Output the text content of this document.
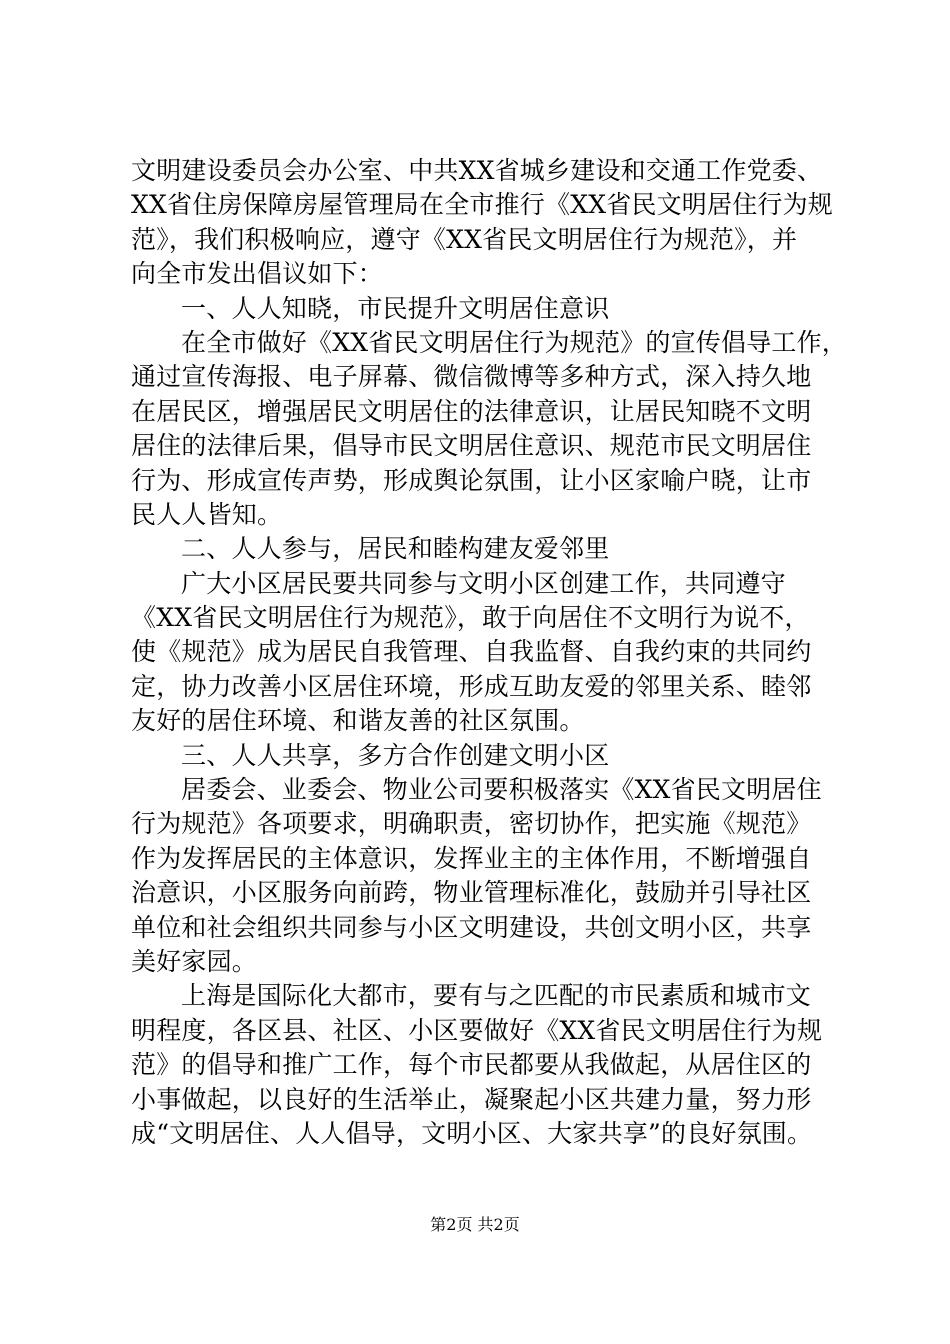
文明建设委员会办公室、中共XX省城乡建设和交通工作党委、
XX省住房保障房屋管理局在全市推行《XX省民文明居住行为规
范》，我们积极响应，遵守《XX省民文明居住行为规范》，并
向全市发出倡议如下：
一、人人知晓，市民提升文明居住意识
在全市做好《XX省民文明居住行为规范》的宣传倡导工作，
通过宣传海报、电子屏幕、微信微博等多种方式，深入持久地
在居民区，增强居民文明居住的法律意识，让居民知晓不文明
居住的法律后果，倡导市民文明居住意识、规范市民文明居住
行为、形成宣传声势，形成舆论氛围，让小区家喻户晓，让市
民人人皆知。
二、人人参与，居民和睦构建友爱邻里
广大小区居民要共同参与文明小区创建工作，共同遵守
《XX省民文明居住行为规范》，敢于向居住不文明行为说不，
使《规范》成为居民自我管理、自我监督、自我约束的共同约
定，协力改善小区居住环境，形成互助友爱的邻里关系、睦邻
友好的居住环境、和谐友善的社区氛围。
三、人人共享，多方合作创建文明小区
居委会、业委会、物业公司要积极落实《XX省民文明居住
行为规范》各项要求，明确职责，密切协作，把实施《规范》
作为发挥居民的主体意识，发挥业主的主体作用，不断增强自
治意识，小区服务向前跨，物业管理标准化，鼓励并引导社区
单位和社会组织共同参与小区文明建设，共创文明小区，共享
美好家园。
上海是国际化大都市，要有与之匹配的市民素质和城市文
明程度，各区县、社区、小区要做好《XX省民文明居住行为规
范》的倡导和推广工作，每个市民都要从我做起，从居住区的
小事做起，以良好的生活举止，凝聚起小区共建力量，努力形
成“文明居住、人人倡导，文明小区、大家共享”的良好氛围。
第2页 共2页
